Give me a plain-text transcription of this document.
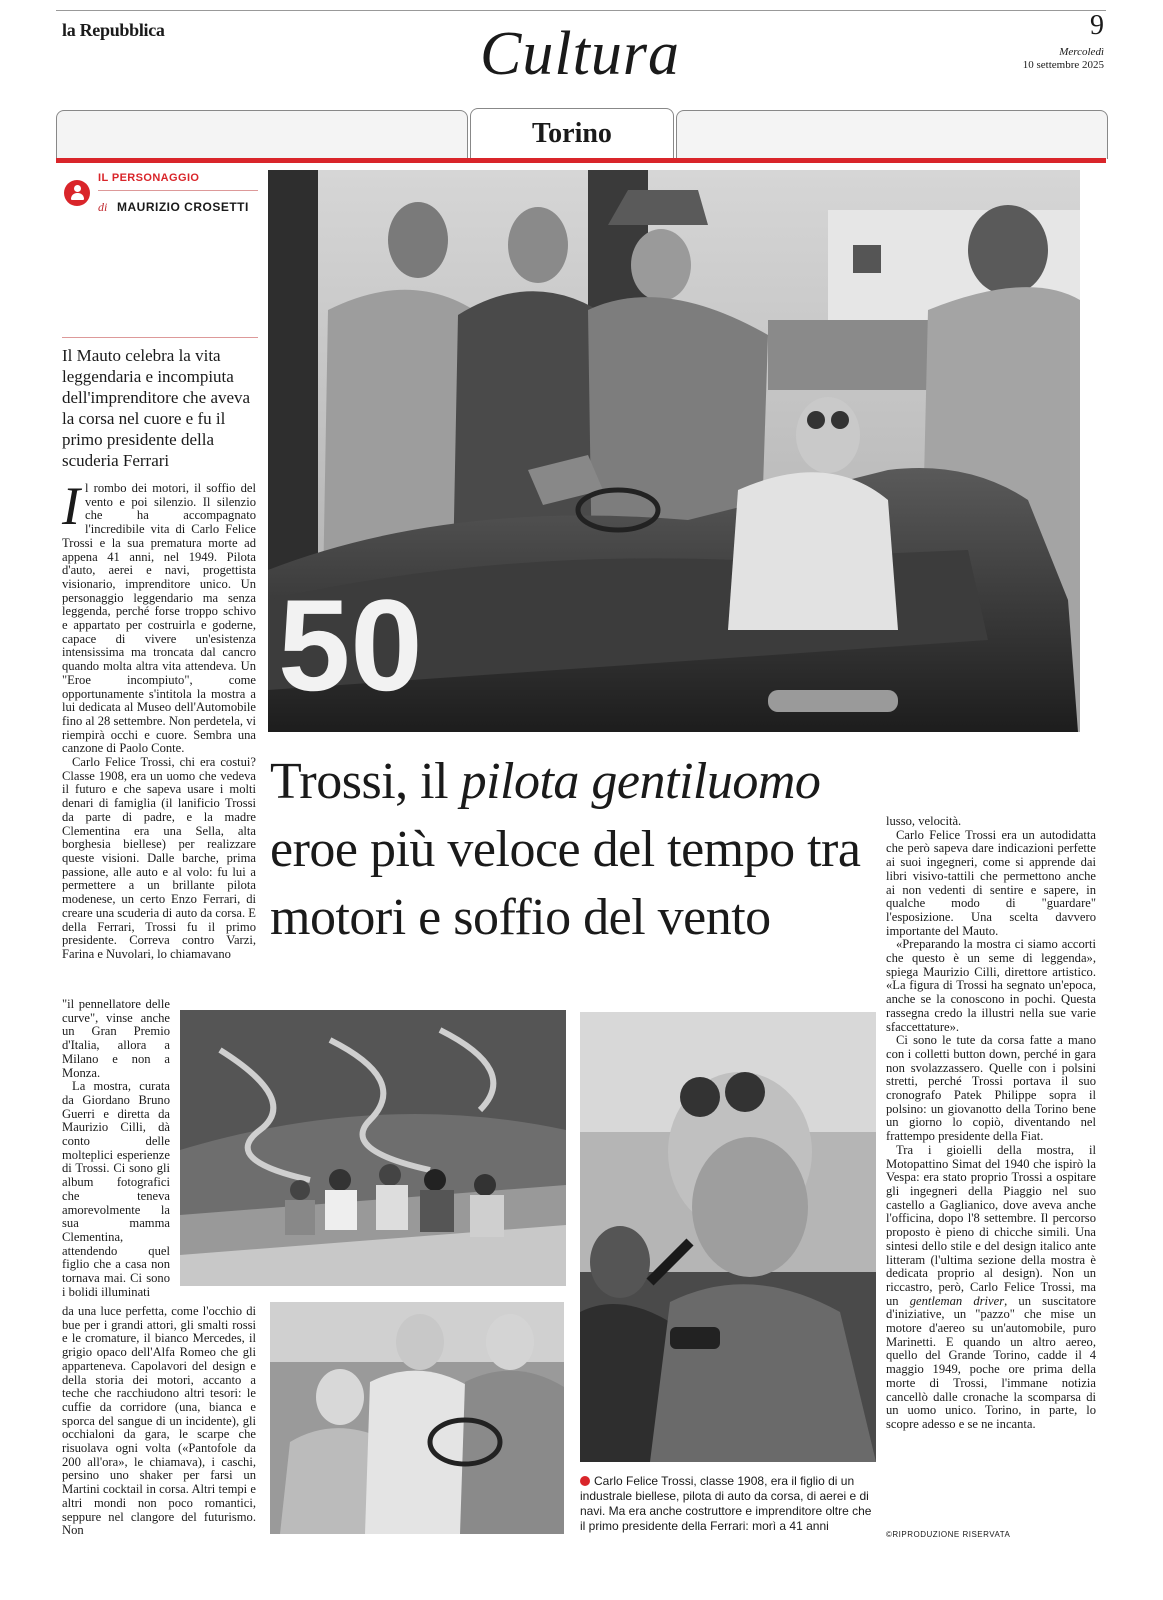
la Repubblica	Cultura	9
Mercoledì
10 settembre 2025
Torino
IL PERSONAGGIO
di MAURIZIO CROSETTI
Il Mauto celebra la vita leggendaria e incompiuta dell'imprenditore che aveva la corsa nel cuore e fu il primo presidente della scuderia Ferrari
50
Trossi, il pilota gentiluomo eroe più veloce del tempo tra motori e soffio del vento
I l rombo dei motori, il soffio del vento e poi silenzio. Il silenzio che ha accompagnato l'incredibile vita di Carlo Felice Trossi e la sua prematura morte ad appena 41 anni, nel 1949. Pilota d'auto, aerei e navi, progettista visionario, imprenditore unico. Un personaggio leggendario ma senza leggenda, perché forse troppo schivo e appartato per costruirla e goderne, capace di vivere un'esistenza intensissima ma troncata dal cancro quando molta altra vita attendeva. Un "Eroe incompiuto", come opportunamente s'intitola la mostra a lui dedicata al Museo dell'Automobile fino al 28 settembre. Non perdetela, vi riempirà occhi e cuore. Sembra una canzone di Paolo Conte.

Carlo Felice Trossi, chi era costui? Classe 1908, era un uomo che vedeva il futuro e che sapeva usare i molti denari di famiglia (il lanificio Trossi da parte di padre, e la madre Clementina era una Sella, alta borghesia biellese) per realizzare queste visioni. Dalle barche, prima passione, alle auto e al volo: fu lui a permettere a un brillante pilota modenese, un certo Enzo Ferrari, di creare una scuderia di auto da corsa. E della Ferrari, Trossi fu il primo presidente. Correva contro Varzi, Farina e Nuvolari, lo chiamavano

"il pennellatore delle curve", vinse anche un Gran Premio d'Italia, allora a Milano e non a Monza.

La mostra, curata da Giordano Bruno Guerri e diretta da Maurizio Cilli, dà conto delle molteplici esperienze di Trossi. Ci sono gli album fotografici che teneva amorevolmente la sua mamma Clementina, attendendo quel figlio che a casa non tornava mai. Ci sono i bolidi illuminati

da una luce perfetta, come l'occhio di bue per i grandi attori, gli smalti rossi e le cromature, il bianco Mercedes, il grigio opaco dell'Alfa Romeo che gli apparteneva. Capolavori del design e della storia dei motori, accanto a teche che racchiudono altri tesori: le cuffie da corridore (una, bianca e sporca del sangue di un incidente), gli occhialoni da gara, le scarpe che risuolava ogni volta («Pantofole da 200 all'ora», le chiamava), i caschi, persino uno shaker per farsi un Martini cocktail in corsa. Altri tempi e altri mondi non poco romantici, seppure nel clangore del futurismo. Non

lusso, velocità.

Carlo Felice Trossi era un autodidatta che però sapeva dare indicazioni perfette ai suoi ingegneri, come si apprende dai libri visivo-tattili che permettono anche ai non vedenti di sentire e sapere, in qualche modo di "guardare" l'esposizione. Una scelta davvero importante del Mauto.

«Preparando la mostra ci siamo accorti che questo è un seme di leggenda», spiega Maurizio Cilli, direttore artistico. «La figura di Trossi ha segnato un'epoca, anche se la conoscono in pochi. Questa rassegna credo la illustri nella sue varie sfaccettature».

Ci sono le tute da corsa fatte a mano con i colletti button down, perché in gara non svolazzassero. Quelle con i polsini stretti, perché Trossi portava il suo cronografo Patek Philippe sopra il polsino: un giovanotto della Torino bene un giorno lo copiò, diventando nel frattempo presidente della Fiat.

Tra i gioielli della mostra, il Motopattino Simat del 1940 che ispirò la Vespa: era stato proprio Trossi a ospitare gli ingegneri della Piaggio nel suo castello a Gaglianico, dove aveva anche l'officina, dopo l'8 settembre. Il percorso proposto è pieno di chicche simili. Una sintesi dello stile e del design italico ante litteram (l'ultima sezione della mostra è dedicata proprio al design). Non un riccastro, però, Carlo Felice Trossi, ma un gentleman driver, un suscitatore d'iniziative, un "pazzo" che mise un motore d'aereo su un'automobile, puro Marinetti. E quando un altro aereo, quello del Grande Torino, cadde il 4 maggio 1949, poche ore prima della morte di Trossi, l'immane notizia cancellò dalle cronache la scomparsa di un uomo unico. Torino, in parte, lo scopre adesso e se ne incanta.

Carlo Felice Trossi, classe 1908, era il figlio di un industrale biellese, pilota di auto da corsa, di aerei e di navi. Ma era anche costruttore e imprenditore oltre che il primo presidente della Ferrari: morì a 41 anni
©RIPRODUZIONE RISERVATA
